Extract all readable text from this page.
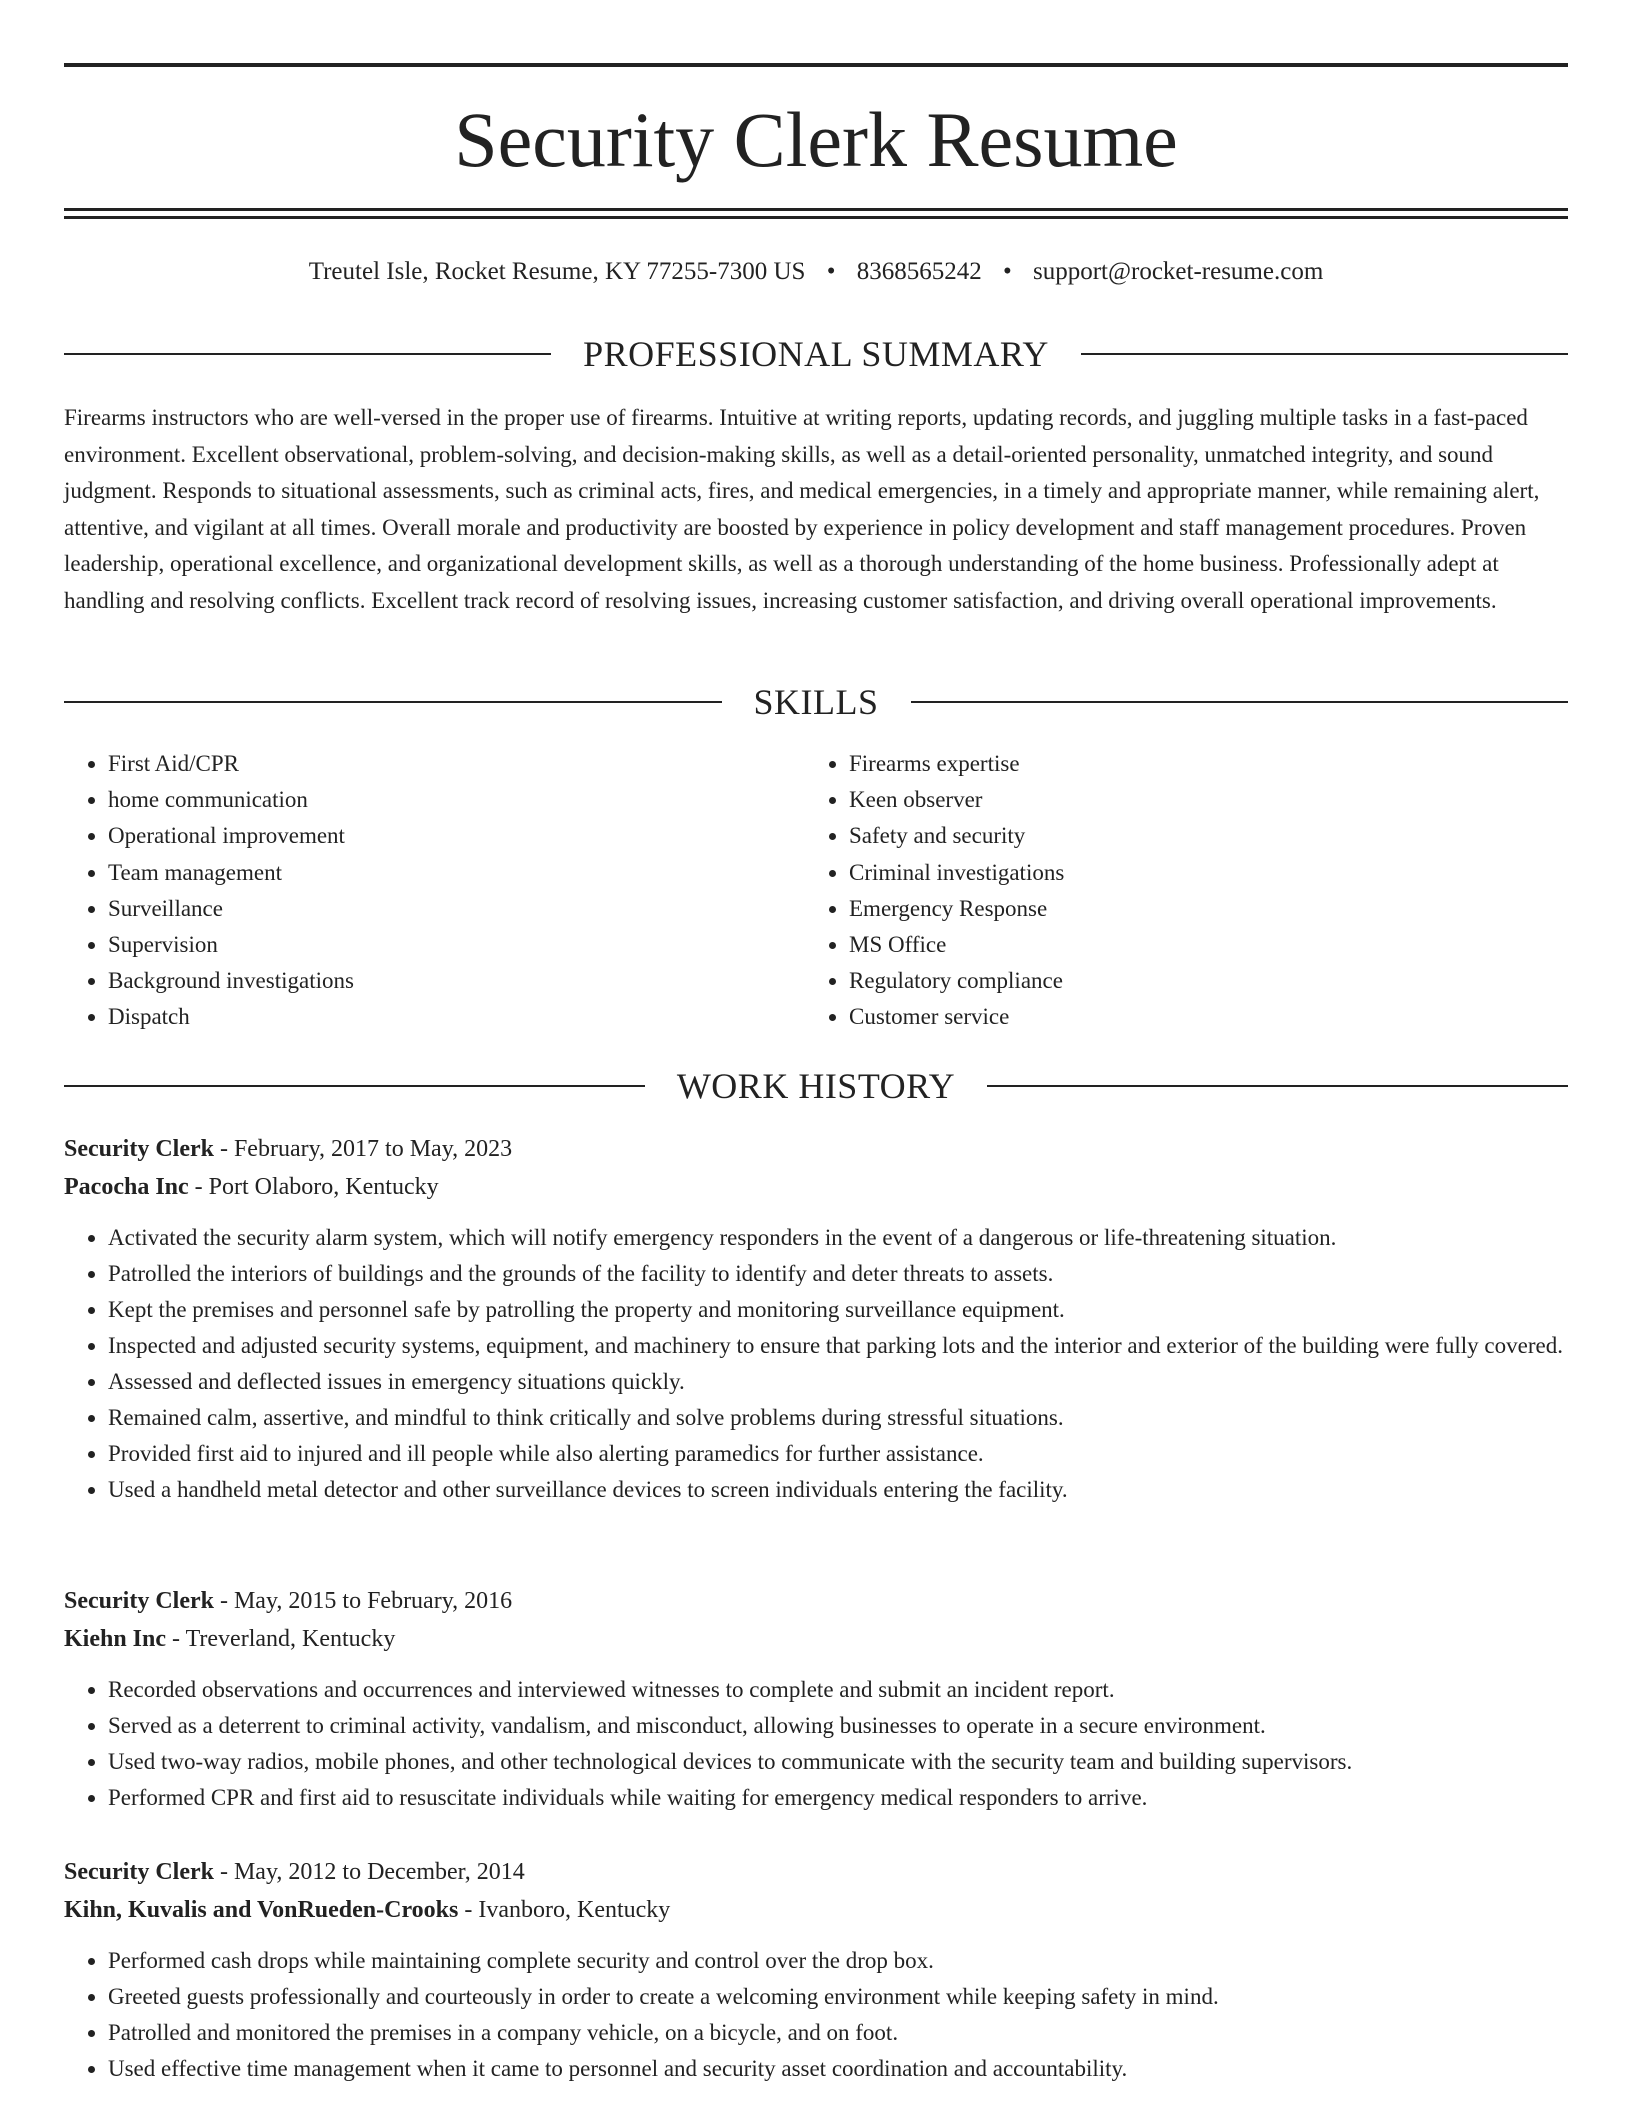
Security Clerk Resume
Treutel Isle, Rocket Resume, KY 77255-7300 US • 8368565242 • support@rocket-resume.com
PROFESSIONAL SUMMARY

Firearms instructors who are well-versed in the proper use of firearms. Intuitive at writing reports, updating records, and juggling multiple tasks in a fast-paced environment. Excellent observational, problem-solving, and decision-making skills, as well as a detail-oriented personality, unmatched integrity, and sound judgment. Responds to situational assessments, such as criminal acts, fires, and medical emergencies, in a timely and appropriate manner, while remaining alert, attentive, and vigilant at all times. Overall morale and productivity are boosted by experience in policy development and staff management procedures. Proven leadership, operational excellence, and organizational development skills, as well as a thorough understanding of the home business. Professionally adept at handling and resolving conflicts. Excellent track record of resolving issues, increasing customer satisfaction, and driving overall operational improvements.

SKILLS
• First Aid/CPR
• home communication
• Operational improvement
• Team management
• Surveillance
• Supervision
• Background investigations
• Dispatch
• Firearms expertise
• Keen observer
• Safety and security
• Criminal investigations
• Emergency Response
• MS Office
• Regulatory compliance
• Customer service
WORK HISTORY
Security Clerk - February, 2017 to May, 2023
Pacocha Inc - Port Olaboro, Kentucky
• Activated the security alarm system, which will notify emergency responders in the event of a dangerous or life-threatening situation.
• Patrolled the interiors of buildings and the grounds of the facility to identify and deter threats to assets.
• Kept the premises and personnel safe by patrolling the property and monitoring surveillance equipment.
• Inspected and adjusted security systems, equipment, and machinery to ensure that parking lots and the interior and exterior of the building were fully covered.
• Assessed and deflected issues in emergency situations quickly.
• Remained calm, assertive, and mindful to think critically and solve problems during stressful situations.
• Provided first aid to injured and ill people while also alerting paramedics for further assistance.
• Used a handheld metal detector and other surveillance devices to screen individuals entering the facility.
Security Clerk - May, 2015 to February, 2016
Kiehn Inc - Treverland, Kentucky
• Recorded observations and occurrences and interviewed witnesses to complete and submit an incident report.
• Served as a deterrent to criminal activity, vandalism, and misconduct, allowing businesses to operate in a secure environment.
• Used two-way radios, mobile phones, and other technological devices to communicate with the security team and building supervisors.
• Performed CPR and first aid to resuscitate individuals while waiting for emergency medical responders to arrive.
Security Clerk - May, 2012 to December, 2014
Kihn, Kuvalis and VonRueden-Crooks - Ivanboro, Kentucky
• Performed cash drops while maintaining complete security and control over the drop box.
• Greeted guests professionally and courteously in order to create a welcoming environment while keeping safety in mind.
• Patrolled and monitored the premises in a company vehicle, on a bicycle, and on foot.
• Used effective time management when it came to personnel and security asset coordination and accountability.
